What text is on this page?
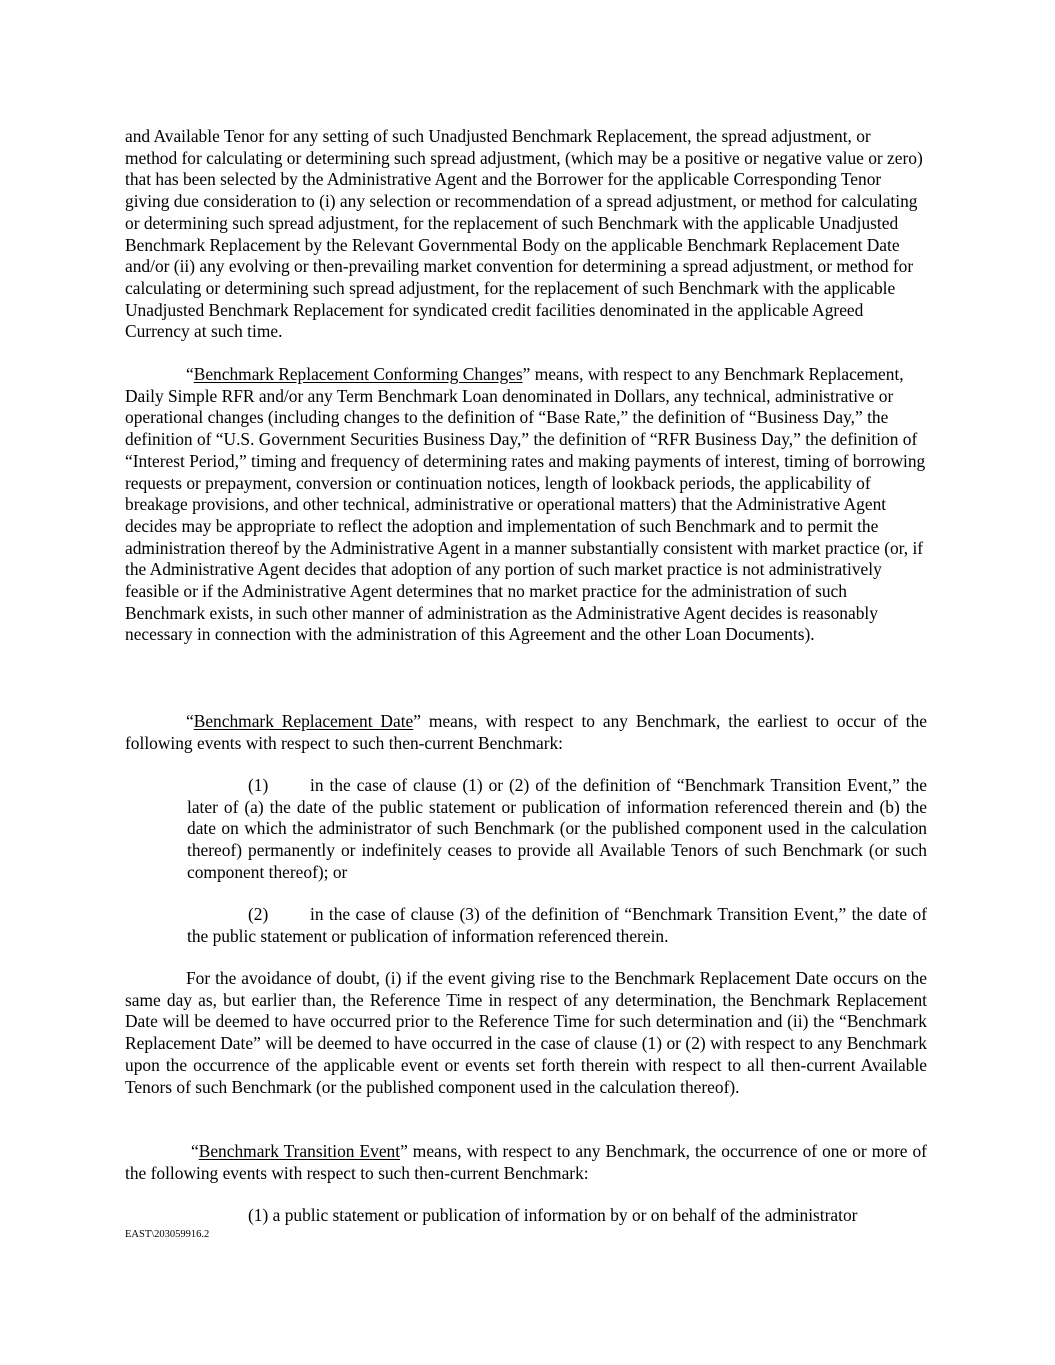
and Available Tenor for any setting of such Unadjusted Benchmark Replacement, the spread adjustment, or method for calculating or determining such spread adjustment, (which may be a positive or negative value or zero) that has been selected by the Administrative Agent and the Borrower for the applicable Corresponding Tenor giving due consideration to (i) any selection or recommendation of a spread adjustment, or method for calculating or determining such spread adjustment, for the replacement of such Benchmark with the applicable Unadjusted Benchmark Replacement by the Relevant Governmental Body on the applicable Benchmark Replacement Date and/or (ii) any evolving or then-prevailing market convention for determining a spread adjustment, or method for calculating or determining such spread adjustment, for the replacement of such Benchmark with the applicable Unadjusted Benchmark Replacement for syndicated credit facilities denominated in the applicable Agreed Currency at such time.

“Benchmark Replacement Conforming Changes” means, with respect to any Benchmark Replacement, Daily Simple RFR and/or any Term Benchmark Loan denominated in Dollars, any technical, administrative or operational changes (including changes to the definition of “Base Rate,” the definition of “Business Day,” the definition of “U.S. Government Securities Business Day,” the definition of “RFR Business Day,” the definition of “Interest Period,” timing and frequency of determining rates and making payments of interest, timing of borrowing requests or prepayment, conversion or continuation notices, length of lookback periods, the applicability of breakage provisions, and other technical, administrative or operational matters) that the Administrative Agent decides may be appropriate to reflect the adoption and implementation of such Benchmark and to permit the administration thereof by the Administrative Agent in a manner substantially consistent with market practice (or, if the Administrative Agent decides that adoption of any portion of such market practice is not administratively feasible or if the Administrative Agent determines that no market practice for the administration of such Benchmark exists, in such other manner of administration as the Administrative Agent decides is reasonably necessary in connection with the administration of this Agreement and the other Loan Documents).

“Benchmark Replacement Date” means, with respect to any Benchmark, the earliest to occur of the following events with respect to such then-current Benchmark:

(1) in the case of clause (1) or (2) of the definition of “Benchmark Transition Event,” the later of (a) the date of the public statement or publication of information referenced therein and (b) the date on which the administrator of such Benchmark (or the published component used in the calculation thereof) permanently or indefinitely ceases to provide all Available Tenors of such Benchmark (or such component thereof); or

(2) in the case of clause (3) of the definition of “Benchmark Transition Event,” the date of the public statement or publication of information referenced therein.

For the avoidance of doubt, (i) if the event giving rise to the Benchmark Replacement Date occurs on the same day as, but earlier than, the Reference Time in respect of any determination, the Benchmark Replacement Date will be deemed to have occurred prior to the Reference Time for such determination and (ii) the “Benchmark Replacement Date” will be deemed to have occurred in the case of clause (1) or (2) with respect to any Benchmark upon the occurrence of the applicable event or events set forth therein with respect to all then-current Available Tenors of such Benchmark (or the published component used in the calculation thereof).

“Benchmark Transition Event” means, with respect to any Benchmark, the occurrence of one or more of the following events with respect to such then-current Benchmark:

(1) a public statement or publication of information by or on behalf of the administrator

EAST\203059916.2
